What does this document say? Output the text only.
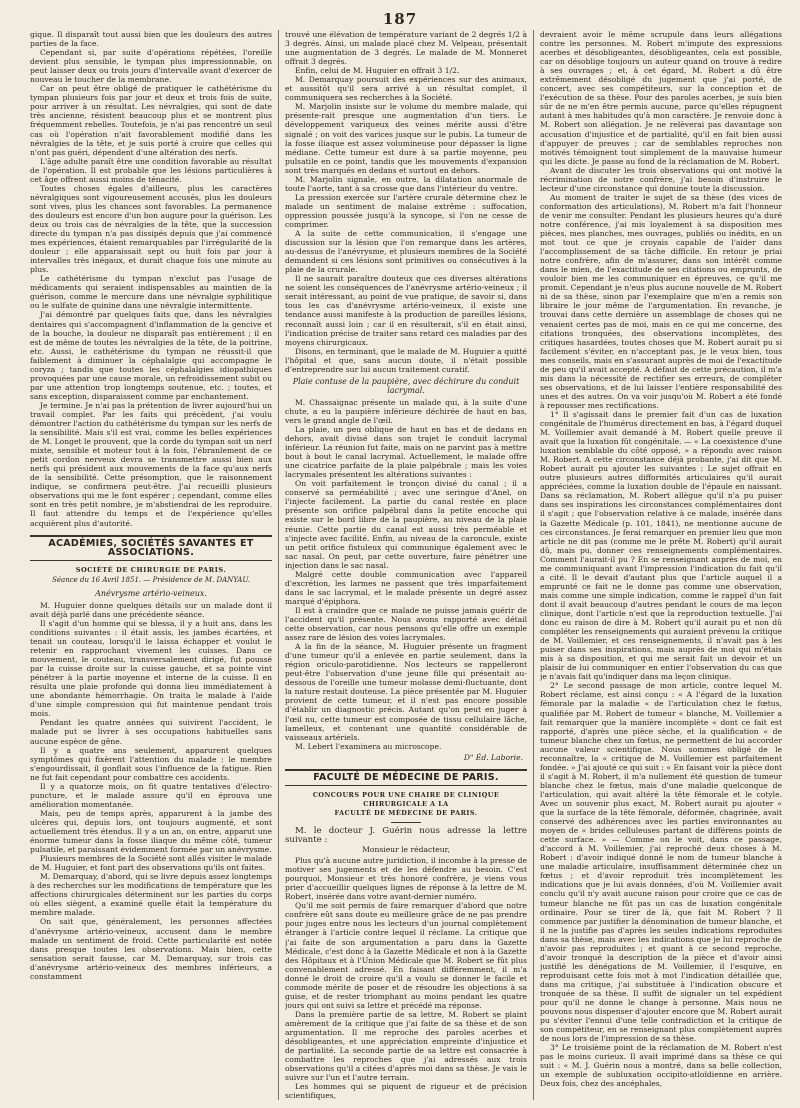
187

gique. Il disparaît tout aussi bien que les douleurs des autres parties de la face.

Cependant si, par suite d'opérations répétées, l'oreille devient plus sensible, le tympan plus impressionnable, on peut laisser deux ou trois jours d'intervalle avant d'exercer de nouveau le toucher de la membrane.

Car on peut être obligé de pratiquer le cathétérisme du tympan plusieurs fois par jour et deux et trois fois de suite, pour arriver à un résultat. Les névralgies, qui sont de date très ancienne, résistent beaucoup plus et se montrent plus fréquemment rebelles. Toutefois, je n'ai pas rencontré un seul cas où l'opération n'ait favorablement modifié dans les névralgies de la tête, et je suis porté à croire que celles qui n'ont pas guéri, dépendent d'une altération des nerfs.

L'âge adulte paraît être une condition favorable au résultat de l'opération. Il est probable que les lésions particulières à cet âge offrent aussi moins de ténacité.

Toutes choses égales d'ailleurs, plus les caractères névralgiques sont vigoureusement accusés, plus les douleurs sont vives, plus les chances sont favorables. La permanence des douleurs est encore d'un bon augure pour la guérison. Les deux ou trois cas de névralgies de la tête, que la succession directe du tympan n'a pas dissipés depuis que j'ai commencé mes expériences, étaient remarquables par l'irrégularité de la douleur ; elle apparaissait sept ou huit fois par jour à intervalles très inégaux, et durait chaque fois une minute au plus.

Le cathétérisme du tympan n'exclut pas l'usage de médicaments qui seraient indispensables au maintien de la guérison, comme le mercure dans une névralgie syphilitique ou le sulfate de quinine dans une névralgie intermittente.

J'ai démontré par quelques faits que, dans les névralgies dentaires qui s'accompagnent d'inflammation de la gencive et de la bouche, la douleur ne disparaît pas entièrement ; il en est de même de toutes les névralgies de la tête, de la poitrine, etc. Aussi, le cathétérisme du tympan ne réussit-il que faiblement à diminuer la céphalalgie qui accompagne le coryza ; tandis que toutes les céphalalgies idiopathiques provoquées par une cause morale, un refroidissement subit ou par une attention trop longtemps soutenue, etc. ; toutes, et sans exception, disparaissent comme par enchantement.

Je termine. Je n'ai pas la prétention de livrer aujourd'hui un travail complet. Par les faits qui précèdent, j'ai voulu démontrer l'action du cathétérisme du tympan sur les nerfs de la sensibilité. Mais s'il est vrai, comme les belles expériences de M. Longet le prouvent, que la corde du tympan soit un nerf mixte, sensible et moteur tout à la fois, l'ébranlement de ce petit cordon nerveux devra se transmettre aussi bien aux nerfs qui président aux mouvements de la face qu'aux nerfs de la sensibilité. Cette présomption, que le raisonnement indique, se confirmera peut-être. J'ai recueilli plusieurs observations qui me le font espérer ; cependant, comme elles sont en très petit nombre, je m'abstiendrai de les reproduire. Il faut attendre du temps et de l'expérience qu'elles acquièrent plus d'autorité.

ACADÉMIES, SOCIÉTÉS SAVANTES ET ASSOCIATIONS.
SOCIÉTÉ DE CHIRURGIE DE PARIS.
Séance du 16 Avril 1851. — Présidence de M. DANYAU.
Anévrysme artério-veineux.

M. Huguier donne quelques détails sur un malade dont il avait déjà parlé dans une précédente séance.

Il s'agit d'un homme qui se blessa, il y a huit ans, dans les conditions suivantes : il était assis, les jambes écartées, et tenait un couteau, lorsqu'il le laissa échapper et voulut le retenir en rapprochant vivement les cuisses. Dans ce mouvement, le couteau, transversalement dirigé, fut poussé par la cuisse droite sur la cuisse gauche, et sa pointe vint pénétrer à la partie moyenne et interne de la cuisse. Il en résulta une plaie profonde qui donna lieu immédiatement à une abondante hémorrhagie. On traita le malade à l'aide d'une simple compression qui fut maintenue pendant trois mois.

Pendant les quatre années qui suivirent l'accident, le malade put se livrer à ses occupations habituelles sans aucune espèce de gêne.

Il y a quatre ans seulement, apparurent quelques symptômes qui fixèrent l'attention du malade : le membre s'engourdissait, il gonflait sous l'influence de la fatigue. Rien ne fut fait cependant pour combattre ces accidents.

Il y a quatorze mois, on fit quatre tentatives d'électro-puncture, et le malade assure qu'il en éprouva une amélioration momentanée.

Mais, peu de temps après, apparurent à la jambe des ulcères qui, depuis lors, ont toujours augmenté, et sont actuellement très étendus. Il y a un an, on entre, apparut une énorme tumeur dans la fosse iliaque du même côté, tumeur pulsatile, et paraissant évidemment formée par un anévrysme.

Plusieurs membres de la Société sont allés visiter le malade de M. Huguier, et font part des observations qu'ils ont faites.

M. Demarquay, d'abord, qui se livre depuis assez longtemps à des recherches sur les modifications de température que les affections chirurgicales déterminent sur les parties du corps où elles siègent, a examiné quelle était la température du membre malade.

On sait que, généralement, les personnes affectées d'anévrysme artério-veineux, accusent dans le membre malade un sentiment de froid. Cette particularité est notée dans presque toutes les observations. Mais bien, cette sensation serait fausse, car M. Demarquay, sur trois cas d'anévrysme artério-veineux des membres inférieurs, a constamment

trouvé une élévation de température variant de 2 degrés 1/2 à 3 degrés. Ainsi, un malade placé chez M. Velpeau, présentait une augmentation de 3 degrés. Le malade de M. Monneret offrait 3 degrés.

Enfin, celui de M. Huguier en offrait 3 1/2.

M. Demarquay poursuit des expériences sur des animaux, et aussitôt qu'il sera arrivé à un résultat complet, il communiquera ses recherches à la Société.

M. Marjolin insiste sur le volume du membre malade, qui présente-rait presque une augmentation d'un tiers. Le développement variqueux des veines mérite aussi d'être signalé ; on voit des varices jusque sur le pubis. La tumeur de la fosse iliaque est assez volumineuse pour dépasser la ligne médiane. Cette tumeur est dure à sa partie moyenne, peu pulsatile en ce point, tandis que les mouvements d'expansion sont très marqués en dedans et surtout en dehors.

M. Marjolin signale, en outre, la dilatation anormale de toute l'aorte, tant à sa crosse que dans l'intérieur du ventre.

La pression exercée sur l'artère crurale détermine chez le malade un sentiment de malaise extrême : suffocation, oppression poussée jusqu'à la syncope, si l'on ne cesse de comprimer.

A la suite de cette communication, il s'engage une discussion sur la lésion que l'on remarque dans les artères, au-dessus de l'anévrysme, et plusieurs membres de la Société demandent si ces lésions sont primitives ou consécutives à la plaie de la crurale.

Il ne saurait paraître douteux que ces diverses altérations ne soient les conséquences de l'anévrysme artério-veineux ; il serait intéressant, au point de vue pratique, de savoir si, dans tous les cas d'anévrysme artério-veineux, il existe une tendance aussi manifeste à la production de pareilles lésions, reconnaît aussi loin ; car il en résulterait, s'il en était ainsi, l'indication précise de traiter sans retard ces maladies par des moyens chirurgicaux.

Disons, en terminant, que le malade de M. Huguier a quitté l'hôpital et que, sans aucun doute, il n'était possible d'entreprendre sur lui aucun traitement curatif.

Plaie contuse de la paupière, avec déchirure du conduit lacrymal.

M. Chassaignac présente un malade qui, à la suite d'une chute, a eu la paupière inférieure déchirée de haut en bas, vers le grand angle de l'œil.

La plaie, un peu oblique de haut en bas et de dedans en dehors, avait divisé dans son trajet le conduit lacrymal inférieur. La réunion fut faite, mais on ne parvint pas à mettre bout à bout le canal lacrymal. Actuellement, le malade offre une cicatrice parfaite de la plaie palpébrale ; mais les voies lacrymales présentent les altérations suivantes :

On voit parfaitement le tronçon divisé du canal ; il a conservé sa perméabilité ; avec une seringue d'Anel, on l'injecte facilement. La partie du canal restée en place présente son orifice palpébral dans la petite encoche qui existe sur le bord libre de la paupière, au niveau de la plaie réunie. Cette partie du canal est aussi très perméable et s'injecte avec facilité. Enfin, au niveau de la caroncule, existe un petit orifice fistuleux qui communique également avec le sac nasal. On peut, par cette ouverture, faire pénétrer une injection dans le sac nasal.

Malgré cette double communication avec l'appareil d'excrétion, les larmes ne passent que très imparfaitement dans le sac lacrymal, et le malade présente un degré assez marqué d'épiphora.

Il est à craindre que ce malade ne puisse jamais guérir de l'accident qu'il présente. Nous avons rapporté avec détail cette observation, car nous pensons qu'elle offre un exemple assez rare de lésion des voies lacrymales.

A la fin de la séance, M. Huguier présente un fragment d'une tumeur qu'il a enlevée en partie seulement, dans la région oriculo-parotidienne. Nos lecteurs se rappelleront peut-être l'observation d'une jeune fille qui présentait au-dessous de l'oreille une tumeur molasse demi-fluctuante, dont la nature restait douteuse. La pièce présentée par M. Huguier provient de cette tumeur, et il n'est pas encore possible d'établir un diagnostic précis. Autant qu'on peut en juger à l'œil nu, cette tumeur est composée de tissu cellulaire lâche, lamelleux, et contenant une quantité considérable de vaisseaux artériels.

M. Lebert l'examinera au microscope.

D" Éd. Laborie.
FACULTÉ DE MÉDECINE DE PARIS.
CONCOURS POUR UNE CHAIRE DE CLINIQUE CHIRURGICALE A LA
FACULTÉ DE MÉDECINE DE PARIS.

M. le docteur J. Guérin nous adresse la lettre suivante :

Monsieur le rédacteur,

Plus qu'à aucune autre juridiction, il incombe à la presse de motiver ses jugements et de les défendre au besoin. C'est pourquoi, Monsieur et très honoré confrère, je viens vous prier d'accueillir quelques lignes de réponse à la lettre de M. Robert, insérée dans votre avant-dernier numéro.

Qu'il me soit permis de faire remarquer d'abord que notre confrère eût sans doute eu meilleure grâce de ne pas prendre pour juges entre nous les lecteurs d'un journal complètement étranger à l'article contre lequel il réclame. La critique que j'ai faite de son argumentation a paru dans la Gazette Médicale, c'est donc à la Gazette Médicale et non à la Gazette des Hôpitaux et à l'Union Médicale que M. Robert se fût plus convenablement adressé. En faisant différemment, il m'a donné le droit de croire qu'il a voulu se donner le facile et commode mérite de poser et de résoudre les objections à sa guise, et de rester triomphant au moins pendant les quatre jours qui ont suivi sa lettre et précédé ma réponse.

Dans la première partie de sa lettre, M. Robert se plaint amèrement de la critique que j'ai faite de sa thèse et de son argumentation. Il me reproche des paroles acerbes et désobligeantes, et une appréciation empreinte d'injustice et de partialité. La seconde partie de sa lettre est consacrée à combattre les reproches que j'ai adressés aux trois observations qu'il a citées d'après moi dans sa thèse. Je vais le suivre sur l'un et l'autre terrain.

Les hommes qui se piquent de rigueur et de précision scientifiques,

devraient avoir le même scrupule dans leurs allégations contre les personnes. M. Robert m'impute des expressions acerbes et désobligeantes, désobligeantes, cela est possible, car on désoblige toujours un auteur quand on trouve à redire à ses ouvrages ; et, à cet égard, M. Robert a dû être extrêmement désobligé du jugement que j'ai porté, de concert, avec ses compétiteurs, sur la conception et de l'exécution de sa thèse. Pour des paroles acerbes, je suis bien sûr de ne m'en être permis aucune, parce qu'elles répugnent autant à mes habitudes qu'à mon caractère. Je renvoie donc à M. Robert son allégation. Je ne relèverai pas davantage son accusation d'injustice et de partialité, qu'il en fait bien aussi d'appuyer de preuves ; car de semblables reproches non motivés témoignent tout simplement de la mauvaise humeur qui les dicte. Je passe au fond de la réclamation de M. Robert.

Avant de discuter les trois observations qui ont motivé la récrimination de notre confrère, j'ai besoin d'instruire le lecteur d'une circonstance qui domine toute la discussion.

Au moment de traiter le sujet de sa thèse (des vices de conformation des articulations), M. Robert m'a fait l'honneur de venir me consulter. Pendant les plusieurs heures qu'a duré notre conférence, j'ai mis loyalement à sa disposition mes pièces, mes planches, mes ouvrages, publiés ou inédits, en un mot tout ce que je croyais capable de l'aider dans l'accomplissement de sa tâche difficile. En retour je priai notre confrère, afin de m'assurer, dans son intérêt comme dans le mien, de l'exactitude de ses citations ou emprunts, de vouloir bien me les communiquer en épreuves, ce qu'il me promit. Cependant je n'eus plus aucune nouvelle de M. Robert ni de sa thèse, sinon par l'exemplaire que m'en a remis son libraire le jour même de l'argumentation. En revanche, je trouvai dans cette dernière un assemblage de choses qui ne venaient certes pas de moi, mais en ce qui me concerne, des citations tronquées, des observations incomplètes, des critiques hasardées, toutes choses que M. Robert aurait pu si facilement s'éviter, en n'acceptant pas, je le veux bien, tous mes conseils, mais en s'assurant auprès de moi de l'exactitude de peu qu'il avait accepté. A défaut de cette précaution, il m'a mis dans la nécessité de rectifier ses erreurs, de compléter ses observations, et de lui laisser l'entière responsabilité des unes et des autres. On va voir jusqu'où M. Robert a été fondé à repousser mes rectifications.

1° Il s'agissait dans le premier fait d'un cas de luxation congénitale de l'humérus directement en bas, à l'égard duquel M. Voillemier avait demandé à M. Robert quelle preuve il avait que la luxation fût congénitale. — « La coexistence d'une luxation semblable du côté opposé, » a répondu avec raison M. Robert. A cette circonstance déjà probante, j'ai dit que M. Robert aurait pu ajouter les suivantes : Le sujet offrait en outre plusieurs autres difformités articulaires qu'il aurait appréciées, comme la luxation double de l'épaule en naissant. Dans sa réclamation, M. Robert allègue qu'il n'a pu puiser dans ses inspirations les circonstances complémentaires dont il s'agit ; que l'observation relative à ce malade, insérée dans la Gazette Médicale (p. 101, 1841), ne mentionne aucune de ces circonstances. Je ferai remarquer en premier lieu que mon article ne dit pas (comme me le prête M. Robert) qu'il aurait dû, mais pu, donner ces renseignements complémentaires. Comment l'aurait-il pu ? En se renseignant auprès de moi, en me communiquant avant l'impression l'indication du fait qu'il a cité. Il le devait d'autant plus que l'article auquel il a emprunté ce fait ne le donne pas comme une observation, mais comme une simple indication, comme le rappel d'un fait dont il avait beaucoup d'autres pendant le cours de ma leçon clinique, dont l'article n'est que la reproduction textuelle. J'ai donc eu raison de dire à M. Robert qu'il aurait pu et non dû compléter les renseignements qui auraient prévenu la critique de M. Voillemier, et ces renseignements, il n'avait pas à les puiser dans ses inspirations, mais auprès de moi qui m'étais mis à sa disposition, et qui me serait fait un devoir et un plaisir de lui communiquer en entier l'observation du cas que je n'avais fait qu'indiquer dans ma leçon clinique.

2° Le second passage de mon article, contre lequel M. Robert réclame, est ainsi conçu : « A l'égard de la luxation fémorale par la maladie « de l'articulation chez le fœtus, qualifiée par M. Robert de tumeur « blanche, M. Voillemier a fait remarquer que la manière incomplète « dont ce fait est rapporté, d'après une pièce sèche, et la qualification « de tumeur blanche chez un fœtus, ne permettent de lui accorder aucune valeur scientifique. Nous sommes obligé de le reconnaître, la « critique de M. Voillemier est parfaitement fondée. » J'ai ajouté ce qui suit : « En faisant voir la pièce dont il s'agit à M. Robert, il m'a nullement été question de tumeur blanche chez le fœtus, mais d'une maladie quelconque de l'articulation, qui avait altéré la tête fémorale et le cotyle. Avec un souvenir plus exact, M. Robert aurait pu ajouter « que la surface de la tête fémorale, déformée, chagrinée, avait conservé des adhérences avec les parties environnantes au moyen de « brides celluleuses partant de différens points de cette surface. » — Comme on le voit, dans ce passage, d'accord à M. Voillemier, j'ai reproché deux choses à M. Robert : d'avoir indiqué donné le nom de tumeur blanche à une maladie articulaire, insuffisamment déterminée chez un fœtus ; et d'avoir reproduit très incomplètement les indications que je lui avais données, d'où M. Voillemier avait conclu qu'il n'y avait aucune raison pour croire que ce cas de tumeur blanche ne fût pas un cas de luxation congénitale ordinaire. Pour se tirer de là, que fait M. Robert ? Il commence par justifier la dénomination de tumeur blanche, et il ne la justifie pas d'après les seules indications reproduites dans sa thèse, mais avec les indications que je lui reproche de n'avoir pas reproduites ; et quant à ce second reproche, d'avoir tronqué la description de la pièce et d'avoir ainsi justifié les dénégations de M. Voillemier, il l'esquive, en reproduisant cette fois mot à mot l'indication détaillée que, dans ma critique, j'ai substituée à l'indication obscure et tronquée de sa thèse. Il suffit de signaler un tel expédient pour qu'il ne donne le change à personne. Mais nous ne pouvons nous dispenser d'ajouter encore que M. Robert aurait pu s'éviter l'ennui d'une telle contradiction et la critique de son compétiteur, en se renseignant plus complètement auprès de nous lors de l'impression de sa thèse.

3° Le troisième point de la réclamation de M. Robert n'est pas le moins curieux. Il avait imprimé dans sa thèse ce qui suit : « M. J. Guérin nous a montré, dans sa belle collection, un exemple de subluxation occipito-atloïdienne en arrière. Deux fois, chez des ancéphales,
